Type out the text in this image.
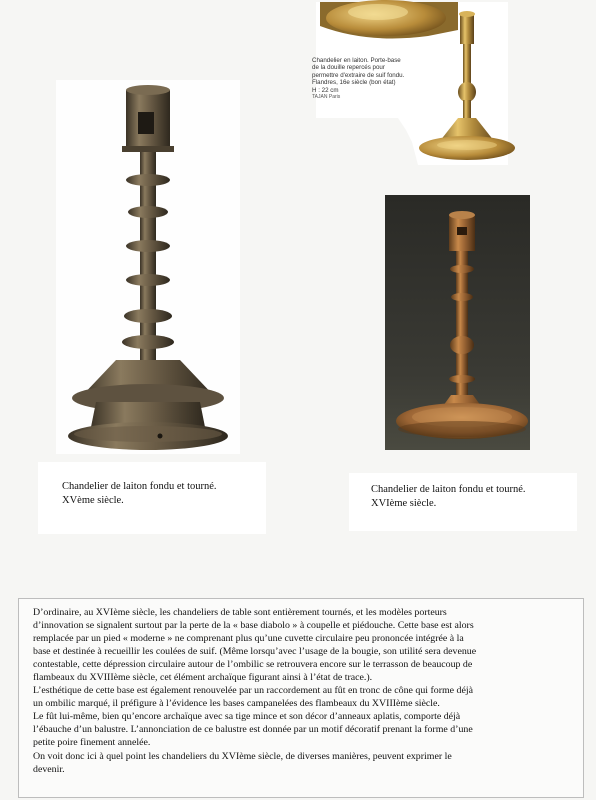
Chandelier en laiton. Porte-base
de la douille repercés pour
permettre d'extraire de suif fondu.
Flandres, 16e siècle (bon état)
H : 22 cm
TAJAN Paris
Chandelier de laiton fondu et tourné.
XVème siècle.
Chandelier de laiton fondu et tourné.
XVIème siècle.

D’ordinaire, au XVIème siècle, les chandeliers de table sont entièrement tournés, et les modèles porteurs

d’innovation se signalent surtout par la perte de la « base diabolo » à coupelle et piédouche. Cette base est alors

remplacée par un pied « moderne » ne comprenant plus qu’une cuvette circulaire peu prononcée intégrée à la

base et destinée à recueillir les coulées de suif. (Même lorsqu’avec l’usage de la bougie, son utilité sera devenue

contestable, cette dépression circulaire autour de l’ombilic se retrouvera encore sur le terrasson de beaucoup de

flambeaux du XVIIIème siècle, cet élément archaïque figurant ainsi à l’état de trace.).

L’esthétique de cette base est également renouvelée par un raccordement au fût en tronc de cône qui forme déjà

un ombilic marqué, il préfigure à l’évidence les bases campanelées des flambeaux du XVIIIème siècle.

Le fût lui-même, bien qu’encore archaïque avec sa tige mince et son décor d’anneaux aplatis, comporte déjà

l’ébauche d’un balustre. L’annonciation de ce balustre est donnée par un motif décoratif prenant la forme d’une

petite poire finement annelée.

On voit donc ici à quel point les chandeliers du XVIème siècle, de diverses manières, peuvent exprimer le

devenir.
